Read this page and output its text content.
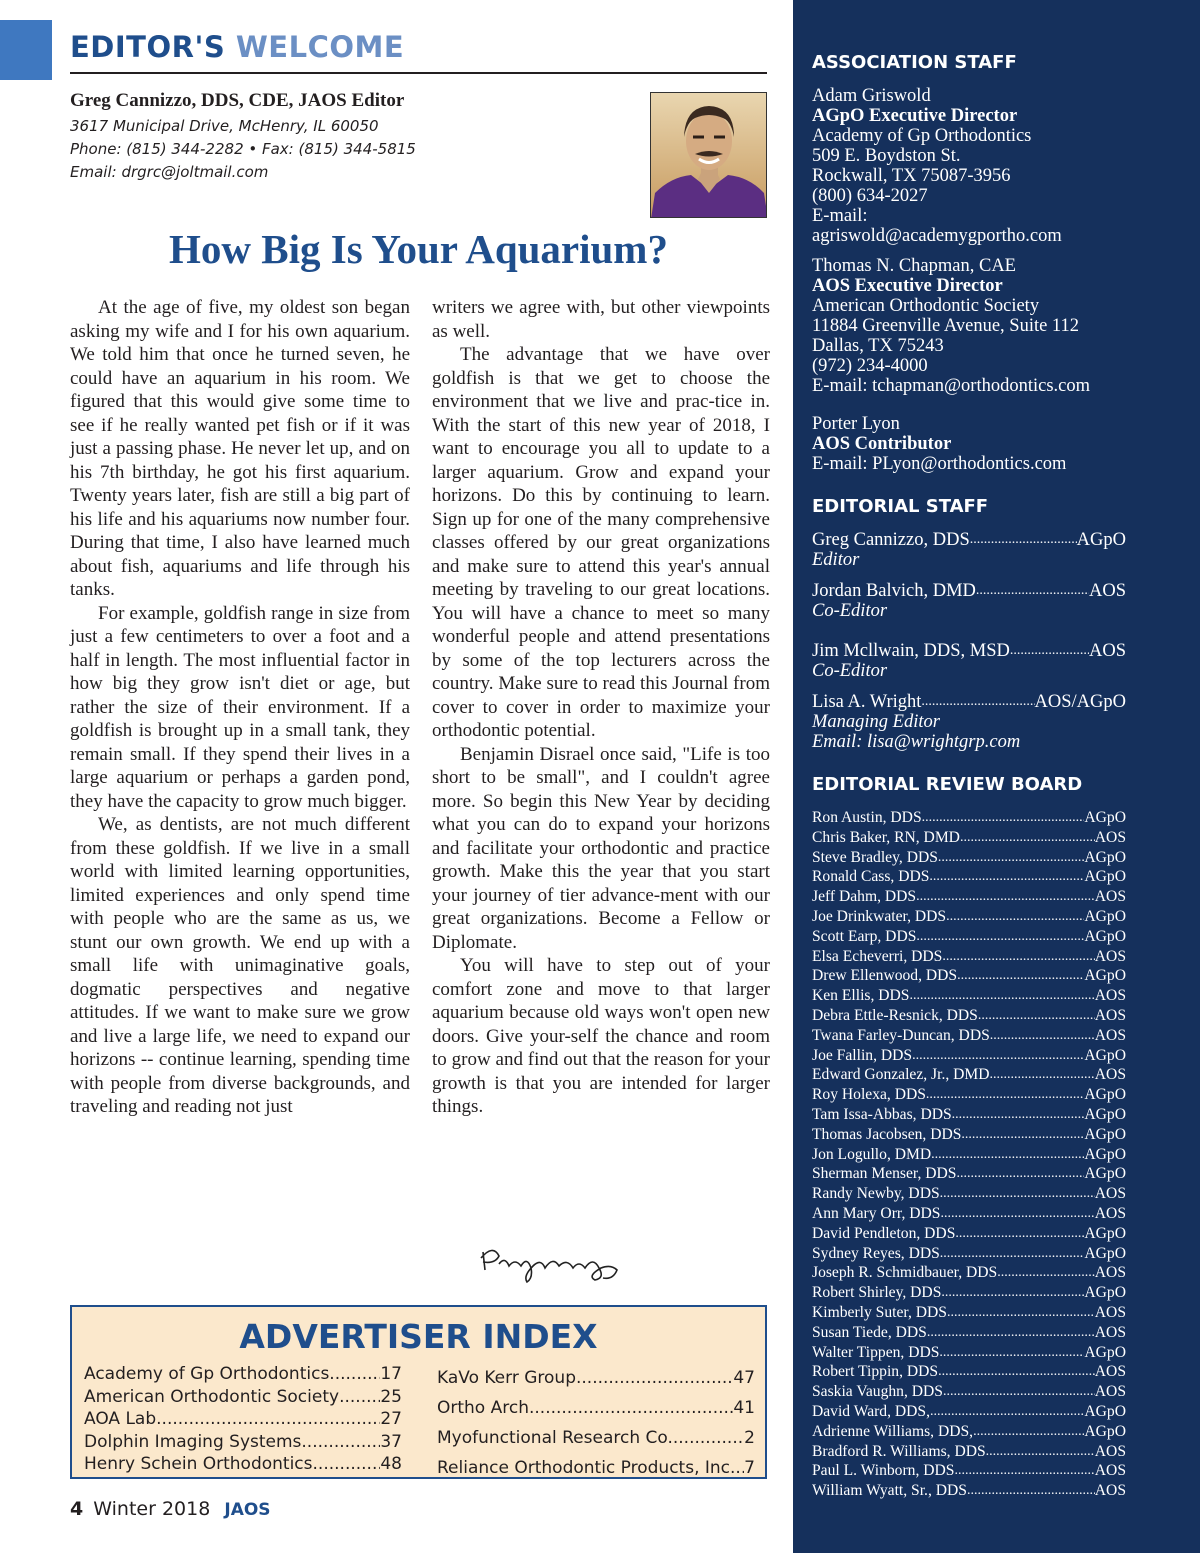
EDITOR'S WELCOME
Greg Cannizzo, DDS, CDE, JAOS Editor
3617 Municipal Drive, McHenry, IL 60050
Phone: (815) 344-2282 • Fax: (815) 344-5815
Email: drgrc@joltmail.com
How Big Is Your Aquarium?

At the age of five, my oldest son began asking my wife and I for his own aquarium. We told him that once he turned seven, he could have an aquarium in his room. We figured that this would give some time to see if he really wanted pet fish or if it was just a passing phase. He never let up, and on his 7th birthday, he got his first aquarium. Twenty years later, fish are still a big part of his life and his aquariums now number four. During that time, I also have learned much about fish, aquariums and life through his tanks.

For example, goldfish range in size from just a few centimeters to over a foot and a half in length. The most influential factor in how big they grow isn't diet or age, but rather the size of their environment. If a goldfish is brought up in a small tank, they remain small. If they spend their lives in a large aquarium or perhaps a garden pond, they have the capacity to grow much bigger.

We, as dentists, are not much different from these goldfish. If we live in a small world with limited learning opportunities, limited experiences and only spend time with people who are the same as us, we stunt our own growth. We end up with a small life with unimaginative goals, dogmatic perspectives and negative attitudes. If we want to make sure we grow and live a large life, we need to expand our horizons -- continue learning, spending time with people from diverse backgrounds, and traveling and reading not just

writers we agree with, but other viewpoints as well.

The advantage that we have over goldfish is that we get to choose the environment that we live and prac-tice in. With the start of this new year of 2018, I want to encourage you all to update to a larger aquarium. Grow and expand your horizons. Do this by continuing to learn. Sign up for one of the many comprehensive classes offered by our great organizations and make sure to attend this year's annual meeting by traveling to our great locations. You will have a chance to meet so many wonderful people and attend presentations by some of the top lecturers across the country. Make sure to read this Journal from cover to cover in order to maximize your orthodontic potential.

Benjamin Disrael once said, "Life is too short to be small", and I couldn't agree more. So begin this New Year by deciding what you can do to expand your horizons and facilitate your orthodontic and practice growth. Make this the year that you start your journey of tier advance-ment with our great organizations. Become a Fellow or Diplomate.

You will have to step out of your comfort zone and move to that larger aquarium because old ways won't open new doors. Give your-self the chance and room to grow and find out that the reason for your growth is that you are intended for larger things.

ADVERTISER INDEX
Academy of Gp Orthodontics .....	17
American Orthodontic Society ..... 25
AOA Lab .....	27
Dolphin Imaging Systems .....	37
Henry Schein Orthodontics .....	48
KaVo Kerr Group .....	47
Ortho Arch .....	41
Myofunctional Research Co. .....	2
Reliance Orthodontic Products, Inc. ..... 7
4 Winter 2018 JAOS
ASSOCIATION STAFF
Adam Griswold
AGpO Executive Director
Academy of Gp Orthodontics
509 E. Boydston St.
Rockwall, TX 75087-3956
(800) 634-2027
E-mail:
agriswold@academygportho.com
Thomas N. Chapman, CAE
AOS Executive Director
American Orthodontic Society
11884 Greenville Avenue, Suite 112
Dallas, TX 75243
(972) 234-4000
E-mail: tchapman@orthodontics.com
Porter Lyon
AOS Contributor
E-mail: PLyon@orthodontics.com
EDITORIAL STAFF
Greg Cannizzo, DDS .....	AGpO
Editor
Jordan Balvich, DMD .....	AOS
Co-Editor
Jim Mcllwain, DDS, MSD .....	AOS
Co-Editor
Lisa A. Wright .....	AOS/AGpO
Managing Editor
Email: lisa@wrightgrp.com
EDITORIAL REVIEW BOARD
Ron Austin, DDS .....	AGpO
Chris Baker, RN, DMD .....	AOS
Steve Bradley, DDS .....	AGpO
Ronald Cass, DDS .....	AGpO
Jeff Dahm, DDS .....	AOS
Joe Drinkwater, DDS .....	AGpO
Scott Earp, DDS .....	AGpO
Elsa Echeverri, DDS .....	AOS
Drew Ellenwood, DDS .....	AGpO
Ken Ellis, DDS .....	AOS
Debra Ettle-Resnick, DDS .....	AOS
Twana Farley-Duncan, DDS .....	AOS
Joe Fallin, DDS .....	AGpO
Edward Gonzalez, Jr., DMD .....	AOS
Roy Holexa, DDS .....	AGpO
Tam Issa-Abbas, DDS .....	AGpO
Thomas Jacobsen, DDS .....	AGpO
Jon Logullo, DMD .....	AGpO
Sherman Menser, DDS .....	AGpO
Randy Newby, DDS .....	AOS
Ann Mary Orr, DDS .....	AOS
David Pendleton, DDS .....	AGpO
Sydney Reyes, DDS .....	AGpO
Joseph R. Schmidbauer, DDS .....	AOS
Robert Shirley, DDS .....	AGpO
Kimberly Suter, DDS .....	AOS
Susan Tiede, DDS .....	AOS
Walter Tippen, DDS .....	AGpO
Robert Tippin, DDS .....	AOS
Saskia Vaughn, DDS .....	AOS
David Ward, DDS, .....	AGpO
Adrienne Williams, DDS, .....	AGpO
Bradford R. Williams, DDS .....	AOS
Paul L. Winborn, DDS .....	AOS
William Wyatt, Sr., DDS .....	AOS
